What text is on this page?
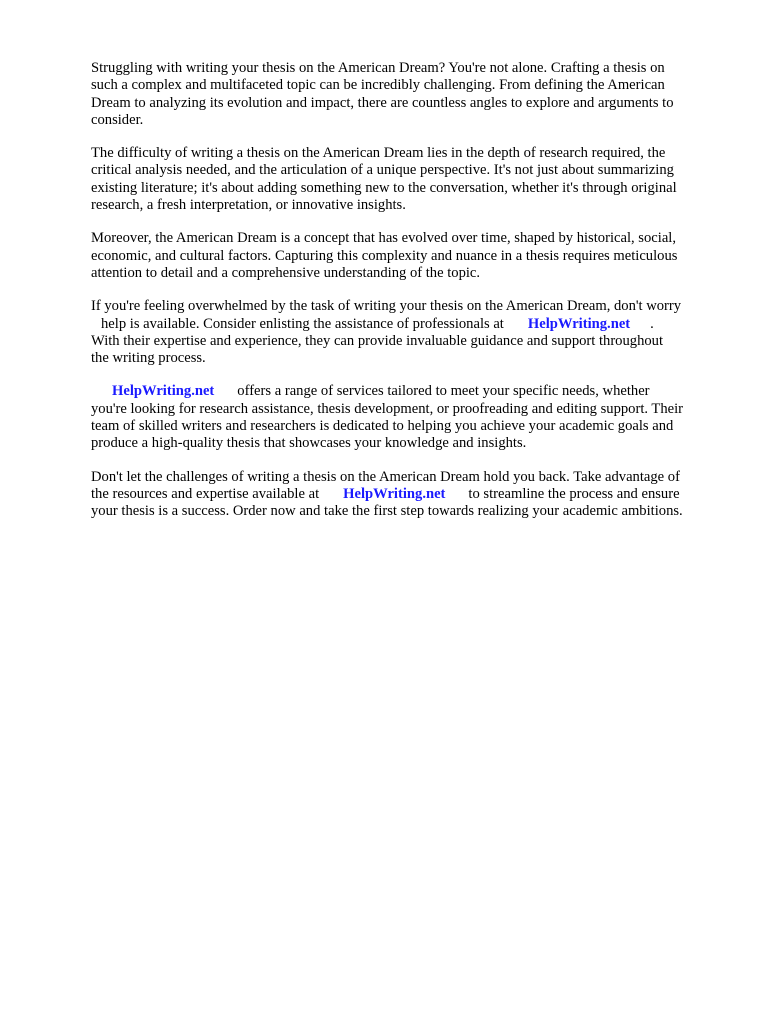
Struggling with writing your thesis on the American Dream? You're not alone. Crafting a thesis on
such a complex and multifaceted topic can be incredibly challenging. From defining the American
Dream to analyzing its evolution and impact, there are countless angles to explore and arguments to
consider.

The difficulty of writing a thesis on the American Dream lies in the depth of research required, the
critical analysis needed, and the articulation of a unique perspective. It's not just about summarizing
existing literature; it's about adding something new to the conversation, whether it's through original
research, a fresh interpretation, or innovative insights.

Moreover, the American Dream is a concept that has evolved over time, shaped by historical, social,
economic, and cultural factors. Capturing this complexity and nuance in a thesis requires meticulous
attention to detail and a comprehensive understanding of the topic.

If you're feeling overwhelmed by the task of writing your thesis on the American Dream, don't worry
help is available. Consider enlisting the assistance of professionals at HelpWriting.net .
With their expertise and experience, they can provide invaluable guidance and support throughout
the writing process.

HelpWriting.net offers a range of services tailored to meet your specific needs, whether
you're looking for research assistance, thesis development, or proofreading and editing support. Their
team of skilled writers and researchers is dedicated to helping you achieve your academic goals and
produce a high-quality thesis that showcases your knowledge and insights.

Don't let the challenges of writing a thesis on the American Dream hold you back. Take advantage of
the resources and expertise available at HelpWriting.net to streamline the process and ensure
your thesis is a success. Order now and take the first step towards realizing your academic ambitions.
